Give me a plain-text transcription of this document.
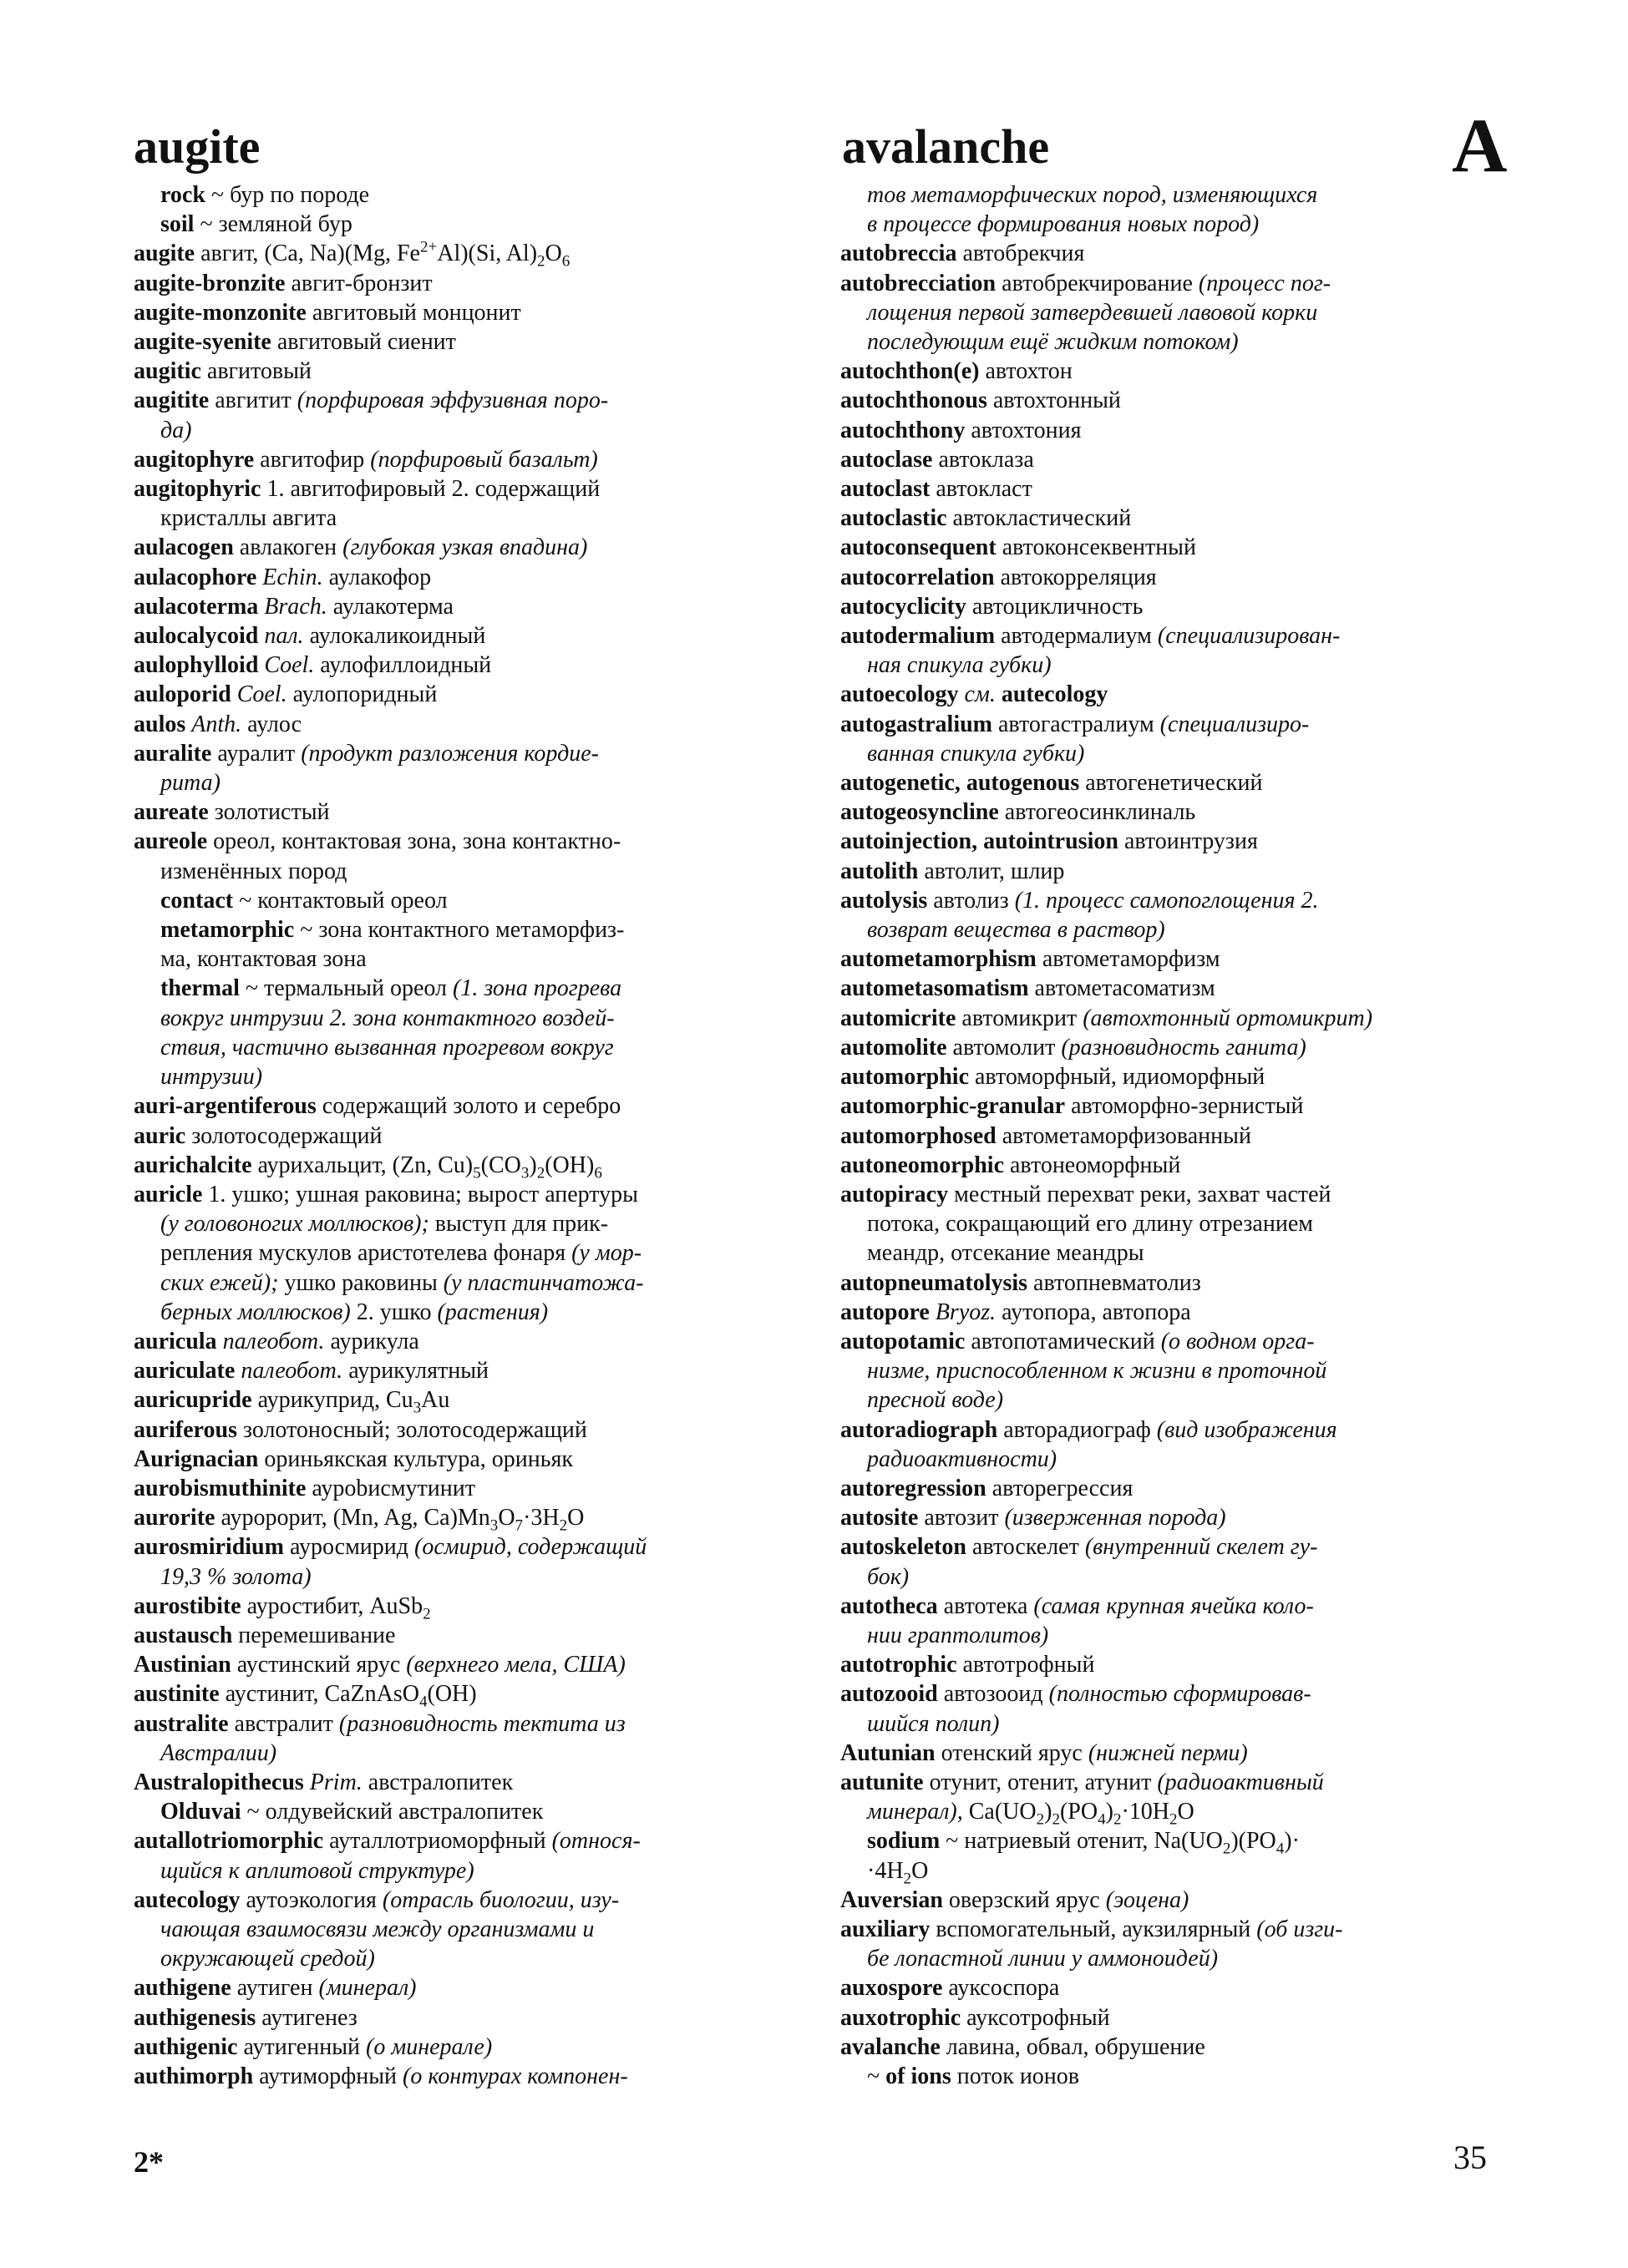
augite	avalanche	A
rock ~ бур по породе
soil ~ земляной бур
augite авгит, (Ca, Na)(Mg, $Fe^{2+}Al)(Si$, $Al)_2O_6$
augite-bronzite авгит-бронзит
augite-monzonite авгитовый монцонит
augite-syenite авгитовый сиенит
augitic авгитовый
augitite авгитит (порфировая эффузивная поро-
да)
augitophyre авгитофир (порфировый базальт)
augitophyric 1. авгитофировый 2. содержащий
кристаллы авгита
aulacogen авлакоген (глубокая узкая впадина)
aulacophore Echin. аулакофор
aulacoterma Brach. аулакотерма
aulocalycoid пал. аулокаликоидный
aulophylloid Coel. аулофиллоидный
auloporid Coel. аулопоридный
aulos Anth. аулос
auralite ауралит (продукт разложения кордие-
рита)
aureate золотистый
aureole ореол, контактовая зона, зона контактно-
изменённых пород
contact ~ контактовый ореол
metamorphic ~ зона контактного метаморфиз-
ма, контактовая зона
thermal ~ термальный ореол (1. зона прогрева
вокруг интрузии 2. зона контактного воздей-
ствия, частично вызванная прогревом вокруг
интрузии)
auri-argentiferous содержащий золото и серебро
auric золотосодержащий
aurichalcite аурихальцит, (Zn, $Cu)_5(CO_3)_2(OH)_6$
auricle 1. ушко; ушная раковина; вырост апертуры
(у головоногих моллюсков); выступ для прик-
репления мускулов аристотелева фонаря (у мор-
ских ежей); ушко раковины (у пластинчатожа-
берных моллюсков) 2. ушко (растения)
auricula палеобот. аурикула
auriculate палеобот. аурикулятный
auricupride аурикуприд, $Cu_3Au$
auriferous золотоносный; золотосодержащий
Aurignacian ориньякская культура, ориньяк
aurobismuthinite аурobисмутинит
aurorite ауророрит, (Mn, Ag, $Ca)Mn_3O_7\cdot 3H_2O$
aurosmiridium ауросмирид (осмирид, содержащий
19,3 % золота)
aurostibite ауростибит, AuSb$_2$
austausch перемешивание
Austinian аустинский ярус (верхнего мела, США)
austinite аустинит, CaZnAsO$_4$(OH)
australite австралит (разновидность тектита из
Австралии)
Australopithecus Prim. австралопитек
Olduvai ~ олдувейский австралопитек
autallotriomorphic ауталлотриоморфный (относя-
щийся к аплитовой структуре)
autecology аутоэкология (отрасль биологии, изу-
чающая взаимосвязи между организмами и
окружающей средой)
authigene аутиген (минерал)
authigenesis аутигенез
authigenic аутигенный (о минерале)
authimorph аутиморфный (о контурах компонен-
тов метаморфических пород, изменяющихся
в процессе формирования новых пород)
autobreccia автобрекчия
autobrecciation автобрекчирование (процесс пог-
лощения первой затвердевшей лавовой корки
последующим ещё жидким потоком)
autochthon(e) автохтон
autochthonous автохтонный
autochthony автохтония
autoclase автоклаза
autoclast автокласт
autoclastic автокластический
autoconsequent автоконсеквентный
autocorrelation автокорреляция
autocyclicity автоцикличность
autodermalium автодермалиум (специализирован-
ная спикула губки)
autoecology см. autecology
autogastralium автогастралиум (специализиро-
ванная спикула губки)
autogenetic, autogenous автогенетический
autogeosyncline автогеосинклиналь
autoinjection, autointrusion автоинтрузия
autolith автолит, шлир
autolysis автолиз (1. процесс самопоглощения 2.
возврат вещества в раствор)
autometamorphism автометаморфизм
autometasomatism автометасоматизм
automicrite автомикрит (автохтонный ортомикрит)
automolite автомолит (разновидность ганита)
automorphic автоморфный, идиоморфный
automorphic-granular автоморфно-зернистый
automorphosed автометаморфизованный
autoneomorphic автонеоморфный
autopiracy местный перехват реки, захват частей
потока, сокращающий его длину отрезанием
меандр, отсекание меандры
autopneumatolysis автопневматолиз
autopore Bryoz. аутопора, автопора
autopotamic автопотамический (о водном орга-
низме, приспособленном к жизни в проточной
пресной воде)
autoradiograph авторадиограф (вид изображения
радиоактивности)
autoregression авторегрессия
autosite автозит (изверженная порода)
autoskeleton автоскелет (внутренний скелет гу-
бок)
autotheca автотека (самая крупная ячейка коло-
нии граптолитов)
autotrophic автотрофный
autozooid автозооид (полностью сформировав-
шийся полип)
Autunian отенский ярус (нижней перми)
autunite отунит, отенит, атунит (радиоактивный
минерал), $Ca(UO_2)_2(PO_4)_2\cdot 10H_2O$
sodium ~ натриевый отенит, $Na(UO_2)(PO_4)\cdot$
$\cdot 4H_2O$
Auversian оверзский ярус (эоцена)
auxiliary вспомогательный, аукзилярный (об изги-
бе лопастной линии у аммоноидей)
auxospore ауксоспора
auxotrophic ауксотрофный
avalanche лавина, обвал, обрушение
~ of ions поток ионов
2*	35
